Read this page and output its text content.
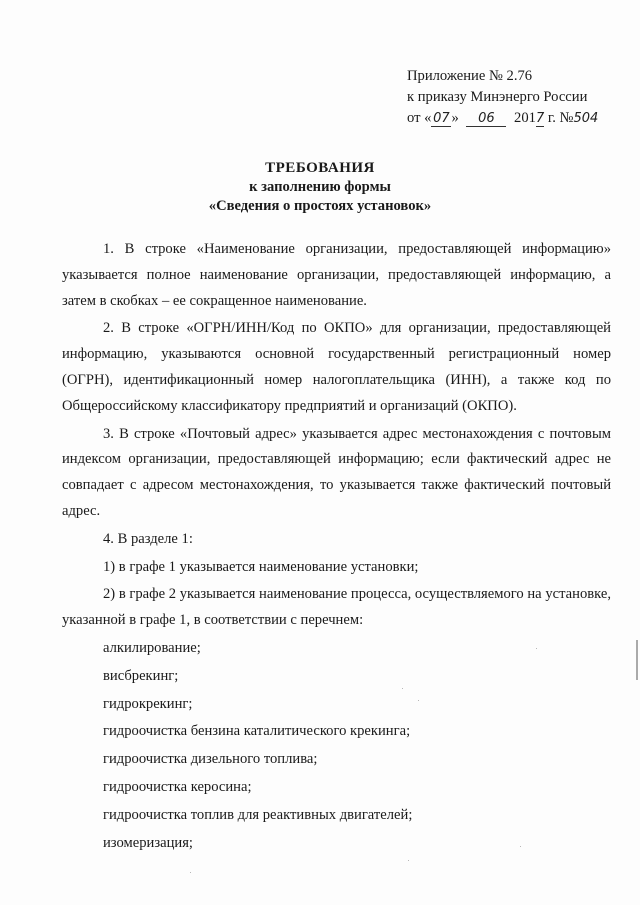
Приложение № 2.76
к приказу Минэнерго России
от « 07 » 06 2017 г. №504
ТРЕБОВАНИЯ
к заполнению формы
«Сведения о простоях установок»

1. В строке «Наименование организации, предоставляющей информацию» указывается полное наименование организации, предоставляющей информацию, а затем в скобках – ее сокращенное наименование.

2. В строке «ОГРН/ИНН/Код по ОКПО» для организации, предоставляющей информацию, указываются основной государственный регистрационный номер (ОГРН), идентификационный номер налогоплательщика (ИНН), а также код по Общероссийскому классификатору предприятий и организаций (ОКПО).

3. В строке «Почтовый адрес» указывается адрес местонахождения с почтовым индексом организации, предоставляющей информацию; если фактический адрес не совпадает с адресом местонахождения, то указывается также фактический почтовый адрес.

4. В разделе 1:

1) в графе 1 указывается наименование установки;

2) в графе 2 указывается наименование процесса, осуществляемого на установке, указанной в графе 1, в соответствии с перечнем:

алкилирование;

висбрекинг;

гидрокрекинг;

гидроочистка бензина каталитического крекинга;

гидроочистка дизельного топлива;

гидроочистка керосина;

гидроочистка топлив для реактивных двигателей;

изомеризация;
